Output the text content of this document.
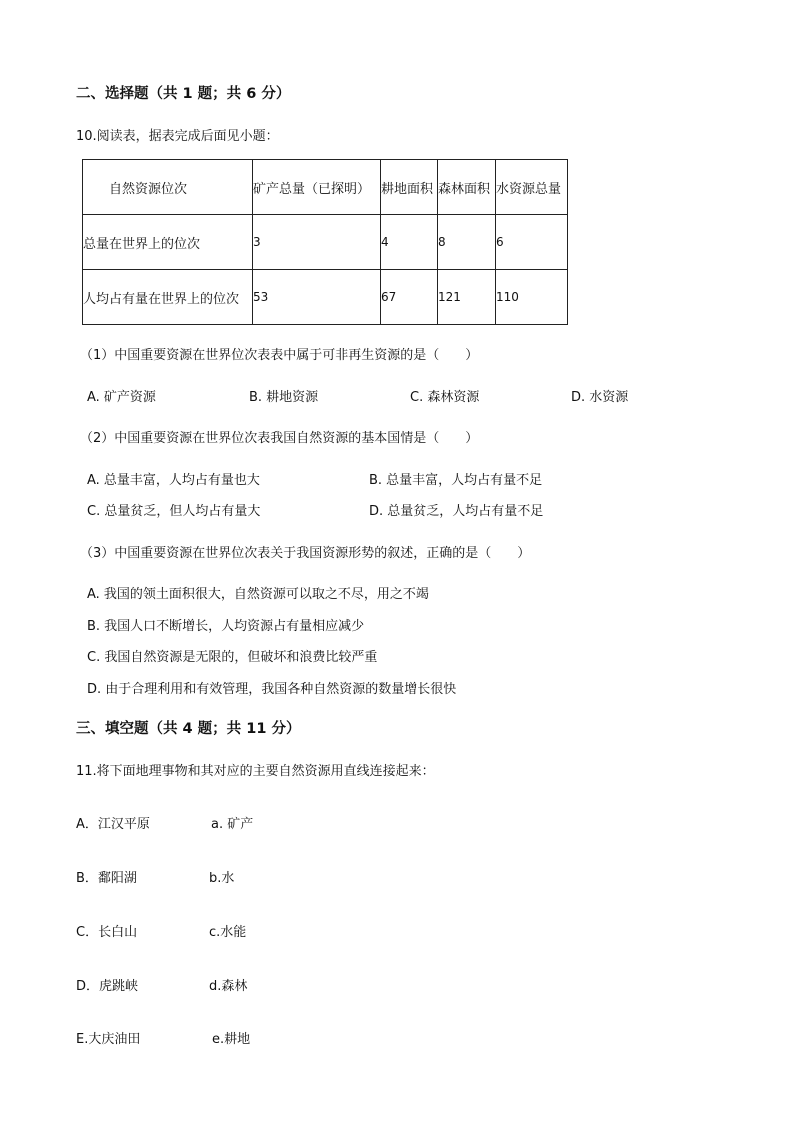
二、选择题（共 1 题；共 6 分）
10.阅读表，据表完成后面见小题：
自然资源位次	矿产总量（已探明）	耕地面积	森林面积	水资源总量
总量在世界上的位次	3	4	8	6
人均占有量在世界上的位次	53	67	121	110
（1）中国重要资源在世界位次表表中属于可非再生资源的是（　　）
A. 矿产资源	B. 耕地资源	C. 森林资源	D. 水资源
（2）中国重要资源在世界位次表我国自然资源的基本国情是（　　）
A. 总量丰富，人均占有量也大	B. 总量丰富，人均占有量不足
C. 总量贫乏，但人均占有量大	D. 总量贫乏，人均占有量不足
（3）中国重要资源在世界位次表关于我国资源形势的叙述，正确的是（　　）
A. 我国的领土面积很大，自然资源可以取之不尽，用之不竭
B. 我国人口不断增长，人均资源占有量相应减少
C. 我国自然资源是无限的，但破坏和浪费比较严重
D. 由于合理利用和有效管理，我国各种自然资源的数量增长很快
三、填空题（共 4 题；共 11 分）
11.将下面地理事物和其对应的主要自然资源用直线连接起来：
A．江汉平原	a. 矿产
B．鄱阳湖	b.水
C．长白山	c.水能
D．虎跳峡	d.森林
E.大庆油田	e.耕地
